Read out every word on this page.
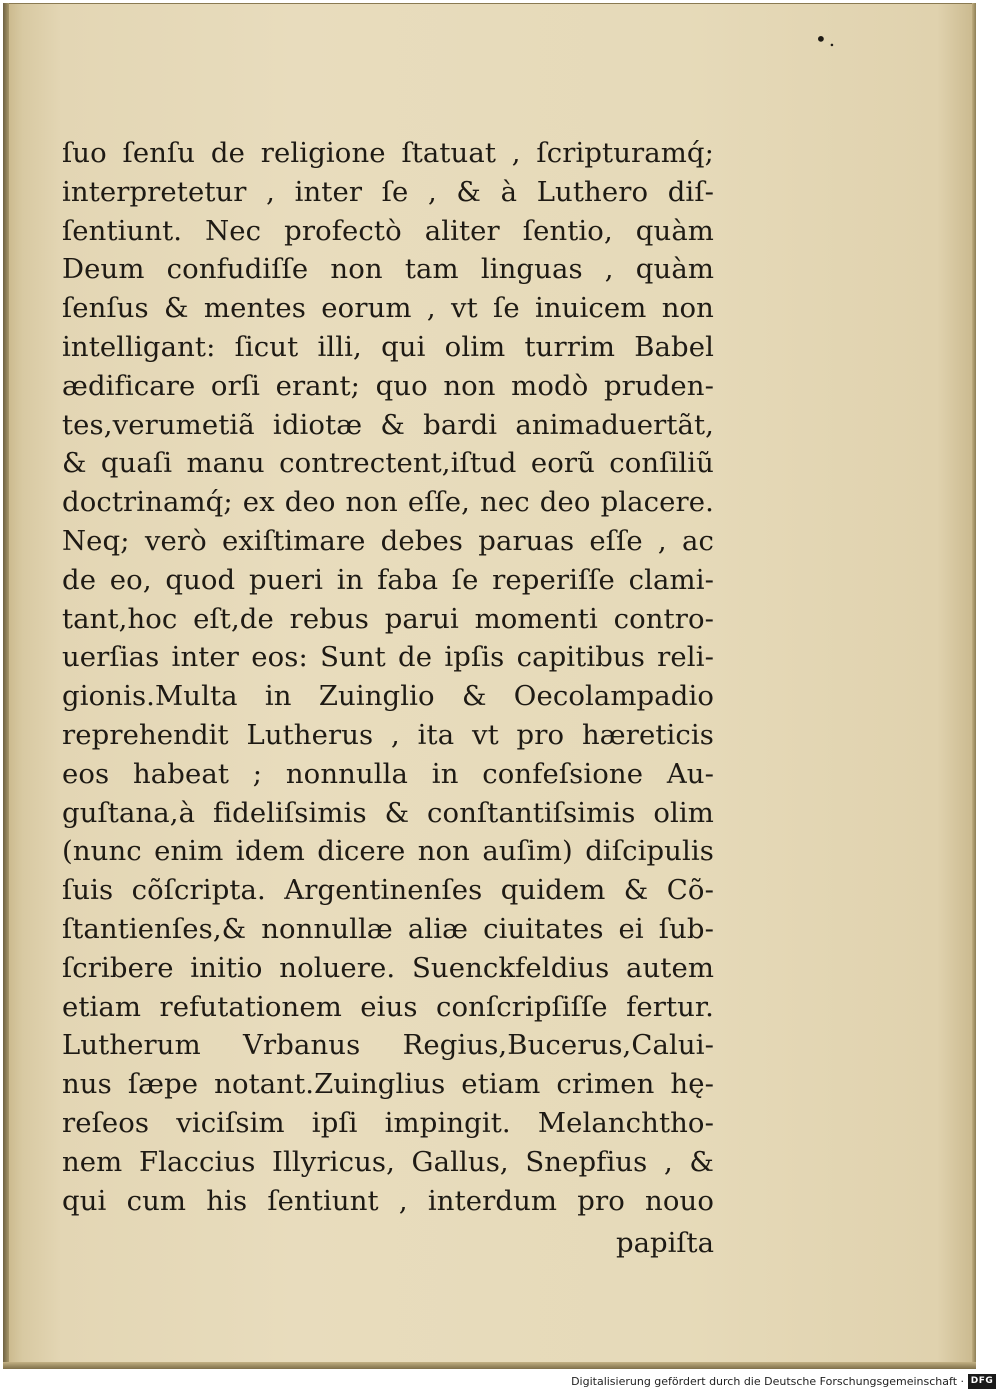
•.
ſuo ſenſu de religione ſtatuat , ſcripturamq́;
interpretetur , inter ſe , & à Luthero diſ-
ſentiunt. Nec profectò aliter ſentio, quàm
Deum confudiſſe non tam linguas , quàm
ſenſus & mentes eorum , vt ſe inuicem non
intelligant: ſicut illi, qui olim turrim Babel
ædificare orſi erant; quo non modò pruden-
tes,verumetiã idiotæ & bardi animaduertãt,
& quaſi manu contrectent,iſtud eorũ conſiliũ
doctrinamq́; ex deo non eſſe, nec deo placere.
Neq; verò exiſtimare debes paruas eſſe , ac
de eo, quod pueri in faba ſe reperiſſe clami-
tant,hoc eſt,de rebus parui momenti contro-
uerſias inter eos: Sunt de ipſis capitibus reli-
gionis.Multa in Zuinglio & Oecolampadio
reprehendit Lutherus , ita vt pro hæreticis
eos habeat ; nonnulla in confeſsione Au-
guſtana,à fideliſsimis & conſtantiſsimis olim
(nunc enim idem dicere non auſim) diſcipulis
ſuis cõſcripta. Argentinenſes quidem & Cõ-
ſtantienſes,& nonnullæ aliæ ciuitates ei ſub-
ſcribere initio noluere. Suenckfeldius autem
etiam refutationem eius conſcripſiſſe fertur.
Lutherum Vrbanus Regius,Bucerus,Calui-
nus ſæpe notant.Zuinglius etiam crimen hę-
reſeos viciſsim ipſi impingit. Melanchtho-
nem Flaccius Illyricus, Gallus, Snepfius , &
qui cum his ſentiunt , interdum pro nouo
papiſta
Digitalisierung gefördert durch die Deutsche Forschungsgemeinschaft · DFG
